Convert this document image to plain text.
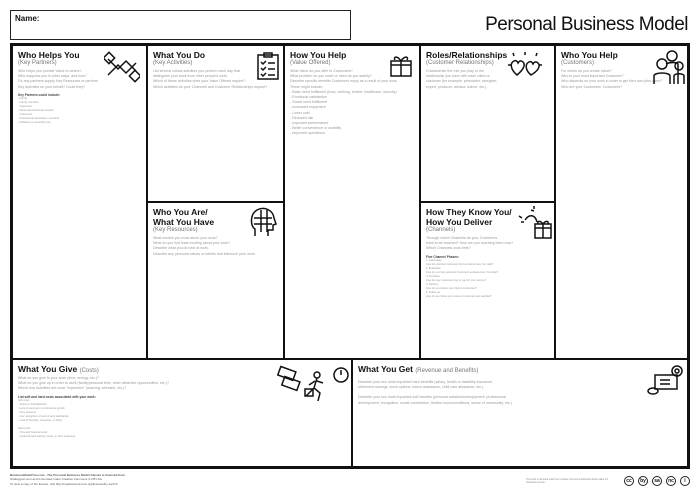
Name:	Personal Business Model
Who Helps You
(Key Partners)

Who helps you provide Value to others?

Who supports you in other ways, and how?

Do any partners supply Key Resources or perform

Key Activities on your behalf? Could they?

Key Partners could include:
- Family
- Family members
- Supervisor
- Mentors/professional network
- Customers
- Professional association members
- Relatives or secondary ties
What You Do
(Key Activities)

List several critical activities you perform each day that

distinguish your work from other people's work.

Which of these activities does your Value Offered require?

Which activities do your Channels and Customer Relationships require?

Who You Are/
What You Have
(Key Resources)

What excites you most about your work?

What do you find least exciting about your work?

Describe what you do best at work.

Describe any personal values or beliefs that influence your work.

How You Help
(Value Offered)

What Value do you offer to Customers?

What problem do you solve or need do you satisfy?

Describe specific benefits Customers enjoy as a result of your work.

These might include:

- Basic need fulfillment (food, clothing, shelter, healthcare, security)

- Emotional satisfaction

- Social need fulfillment

- Increased enjoyment

- Lower cost

- Reduced risk

- Improved performance

- Better convenience or usability

- Improved operations

Roles/Relationships
(Customer Relationships)

Characterize the role you play or the

relationship you have with each client or

customer (for example: persuader, caregiver,

expert, producer, advisor, trainer, etc.).

How They Know You/
How You Deliver
(Channels)

Through which Channels do your Customers

want to be reached? How are you reaching them now?

Which Channels work best?

Five Channel Phases:
1. Awareness
How do potential Customers find out about How You Help?
2. Evaluation
How do you help potential Customers evaluate How You Help?
3. Purchase
How do new Customers buy or pay for your service?
4. Delivery
How do you deliver your help to Customers?
5. Follow-up
How do you follow up to ensure Customers are satisfied?
Who You Help
(Customers)

For whom do you create Value?

Who is your most important Customer?

Who depends on your work in order to get their own jobs done?

Who are your Customers' Customers?

What You Give (Costs)

What do you give to your work (time, energy, etc.)?

What do you give up in order to work (family/personal time, other attractive opportunities, etc.)?

Which Key Activities are most "expensive" (draining, stressful, etc.)?

List soft and hard costs associated with your work:
Soft costs
- Stress or dissatisfaction
- Lack of personal or professional growth
- Time pressure
- Low recognition or lack of work satisfaction
- Lack of flexibility, resources, or ability
Hard costs
- Time and financial costs
- Unreimbursed training, travel, or other expenses
What You Get (Revenue and Benefits)

Describe your two most important hard benefits (salary, health or disability insurance,

retirement savings, stock options, tuition assistance, child care allowance, etc.).

Describe your two most important soft benefits (personal satisfaction/enjoyment, professional

development, recognition, social contribution, flexible hours/conditions, sense of community, etc.).

BusinessModelYou.com - The Personal Business Model Canvas is licensed from
Strategyzer.com and is licensed under Creative Commons 3.0 BY-SA
To view a copy of the license, visit http://creativecommons.org/licenses/by-sa/3.0/
This work is licensed under the Creative Commons Attribution-Share Alike 3.0 Unported License.	cc	by	sa	nc	i
